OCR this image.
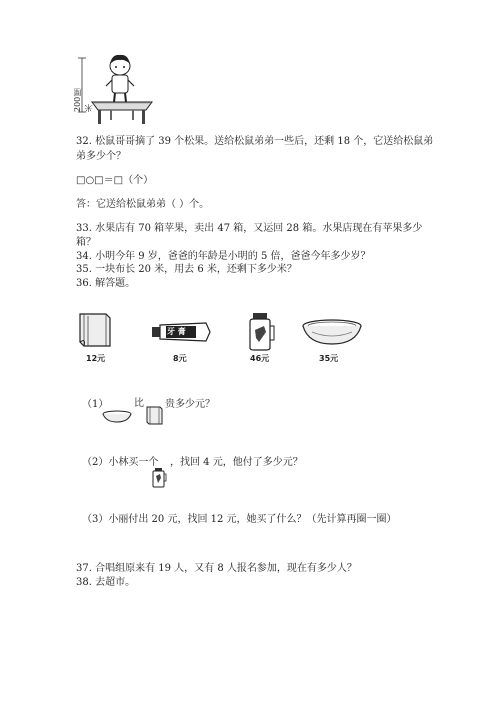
200厘米
32. 松鼠哥哥摘了 39 个松果。送给松鼠弟弟一些后，还剩 18 个，它送给松鼠弟
弟多少个？
□○□＝□（个）
答：它送给松鼠弟弟（ ）个。
33. 水果店有 70 箱苹果，卖出 47 箱，又运回 28 箱。水果店现在有苹果多少
箱？
34. 小明今年 9 岁，爸爸的年龄是小明的 5 倍，爸爸今年多少岁？
35. 一块布长 20 米，用去 6 米，还剩下多少米？
36. 解答题。
12元
牙 膏
8元	46元	35元
（1）	比 贵多少元？
（2）小林买一个 ，找回 4 元，他付了多少元？
（3）小丽付出 20 元，找回 12 元，她买了什么？（先计算再圈一圈）
37. 合唱组原来有 19 人，又有 8 人报名参加，现在有多少人？
38. 去超市。
